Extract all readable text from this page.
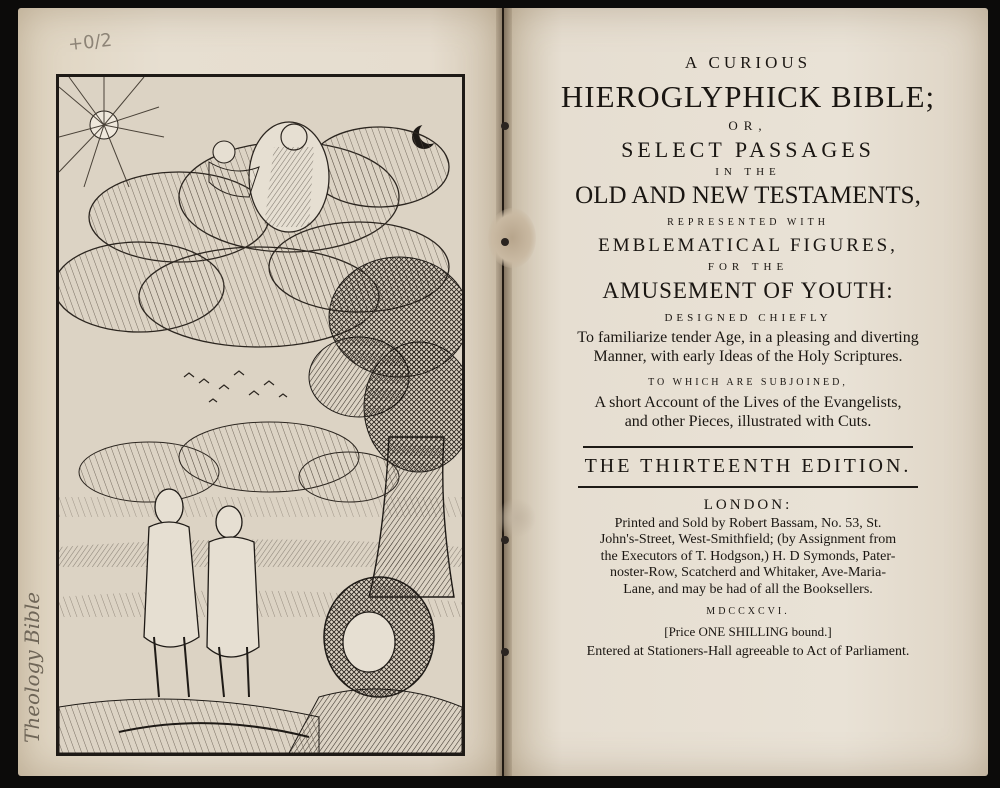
+0/2
Theology Bible
A CURIOUS
HIEROGLYPHICK BIBLE;
OR,
SELECT PASSAGES
IN THE
OLD AND NEW TESTAMENTS,
REPRESENTED WITH
EMBLEMATICAL FIGURES,
FOR THE
AMUSEMENT OF YOUTH:
DESIGNED CHIEFLY
To familiarize tender Age, in a pleasing and diverting
Manner, with early Ideas of the Holy Scriptures.
TO WHICH ARE SUBJOINED,
A short Account of the Lives of the Evangelists,
and other Pieces, illustrated with Cuts.
THE THIRTEENTH EDITION.
LONDON:
Printed and Sold by Robert Bassam, No. 53, St.
John's-Street, West-Smithfield; (by Assignment from
the Executors of T. Hodgson,) H. D Symonds, Pater-
noster-Row, Scatcherd and Whitaker, Ave-Maria-
Lane, and may be had of all the Booksellers.
MDCCXCVI.
[Price ONE SHILLING bound.]
Entered at Stationers-Hall agreeable to Act of Parliament.
